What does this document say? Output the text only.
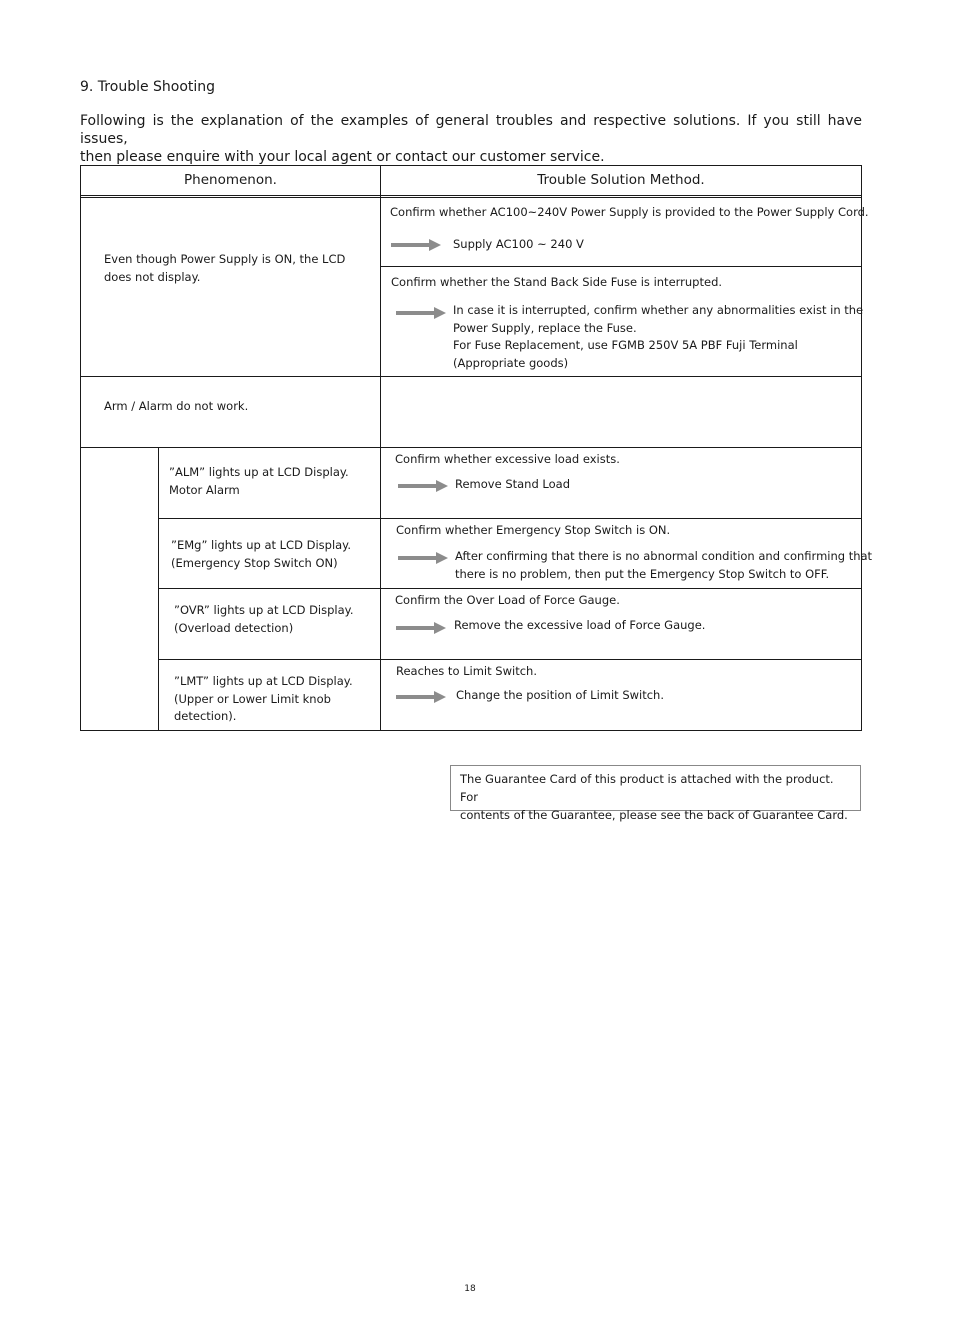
9. Trouble Shooting
Following is the explanation of the examples of general troubles and respective solutions. If you still have issues,
then please enquire with your local agent or contact our customer service.
Phenomenon.	Trouble Solution Method.
Even though Power Supply is ON, the LCD
does not display.
Confirm whether AC100~240V Power Supply is provided to the Power Supply Cord.
Supply AC100 ~ 240 V
Confirm whether the Stand Back Side Fuse is interrupted.
In case it is interrupted, confirm whether any abnormalities exist in the
Power Supply, replace the Fuse.
For Fuse Replacement, use FGMB 250V 5A PBF Fuji Terminal
(Appropriate goods)
Arm / Alarm do not work.
”ALM” lights up at LCD Display.
Motor Alarm
Confirm whether excessive load exists.
Remove Stand Load
”EMg” lights up at LCD Display.
(Emergency Stop Switch ON)
Confirm whether Emergency Stop Switch is ON.
After confirming that there is no abnormal condition and confirming that
there is no problem, then put the Emergency Stop Switch to OFF.
”OVR” lights up at LCD Display.
(Overload detection)
Confirm the Over Load of Force Gauge.
Remove the excessive load of Force Gauge.
”LMT” lights up at LCD Display.
(Upper or Lower Limit knob
detection).
Reaches to Limit Switch.
Change the position of Limit Switch.
The Guarantee Card of this product is attached with the product. For
contents of the Guarantee, please see the back of Guarantee Card.
18
